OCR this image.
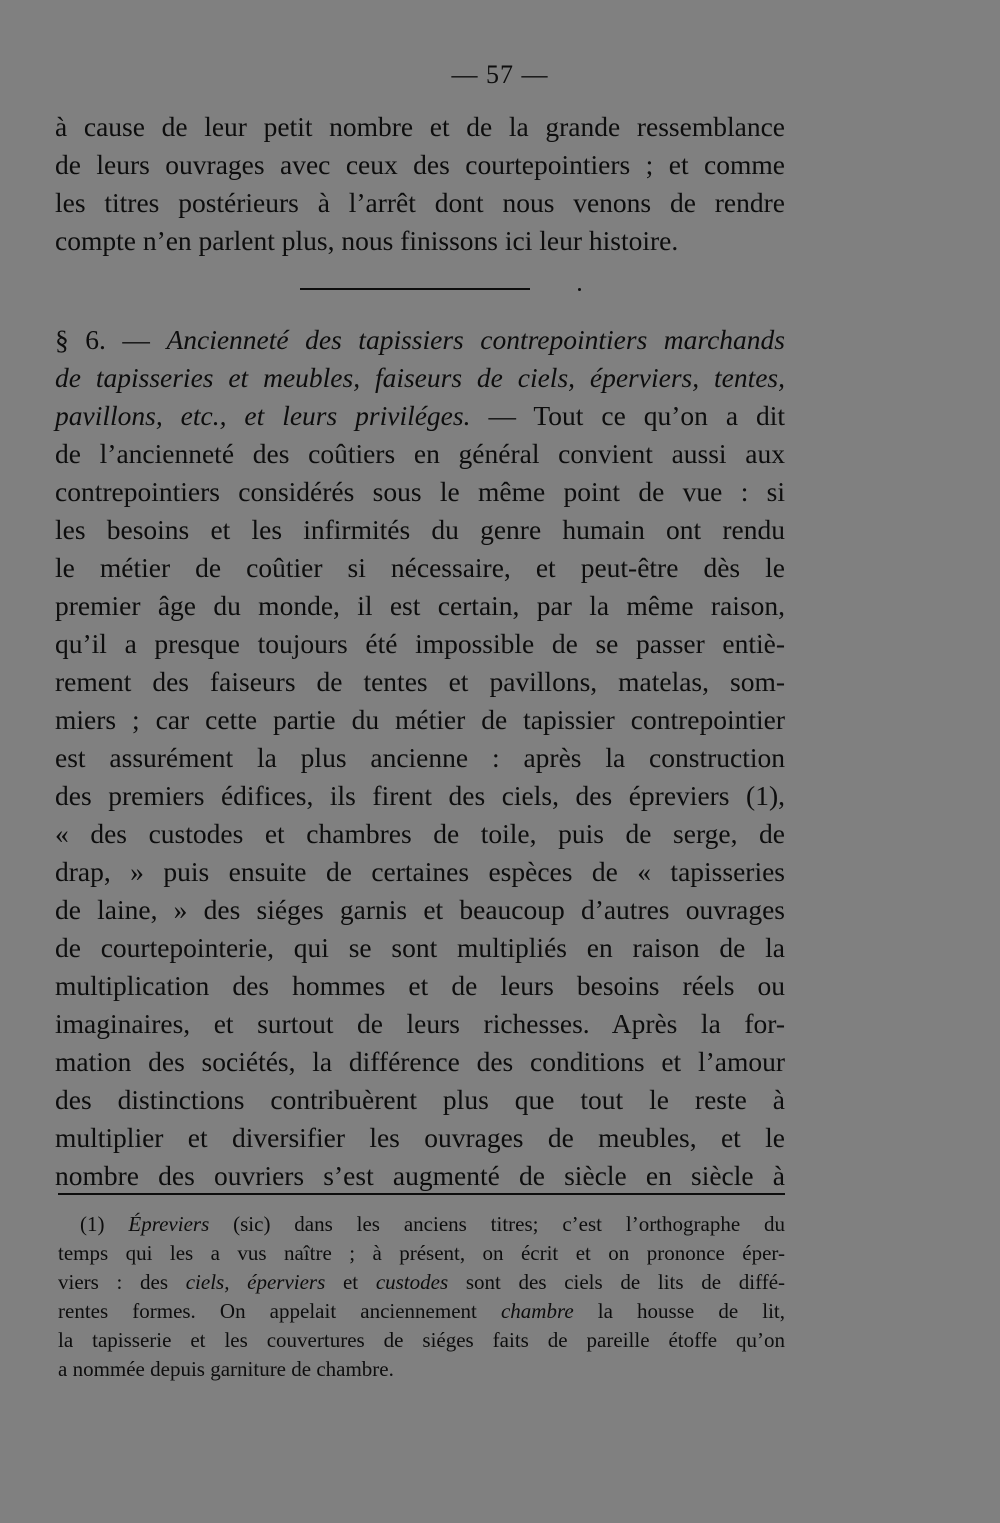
— 57 —
à cause de leur petit nombre et de la grande ressemblance
de leurs ouvrages avec ceux des courtepointiers ; et comme
les titres postérieurs à l’arrêt dont nous venons de rendre
compte n’en parlent plus, nous finissons ici leur histoire.
§ 6. — Ancienneté des tapissiers contrepointiers marchands
de tapisseries et meubles, faiseurs de ciels, éperviers, tentes,
pavillons, etc., et leurs priviléges. — Tout ce qu’on a dit
de l’ancienneté des coûtiers en général convient aussi aux
contrepointiers considérés sous le même point de vue : si
les besoins et les infirmités du genre humain ont rendu
le métier de coûtier si nécessaire, et peut-être dès le
premier âge du monde, il est certain, par la même raison,
qu’il a presque toujours été impossible de se passer entiè-
rement des faiseurs de tentes et pavillons, matelas, som-
miers ; car cette partie du métier de tapissier contrepointier
est assurément la plus ancienne : après la construction
des premiers édifices, ils firent des ciels, des épreviers (1),
« des custodes et chambres de toile, puis de serge, de
drap, » puis ensuite de certaines espèces de « tapisseries
de laine, » des siéges garnis et beaucoup d’autres ouvrages
de courtepointerie, qui se sont multipliés en raison de la
multiplication des hommes et de leurs besoins réels ou
imaginaires, et surtout de leurs richesses. Après la for-
mation des sociétés, la différence des conditions et l’amour
des distinctions contribuèrent plus que tout le reste à
multiplier et diversifier les ouvrages de meubles, et le
nombre des ouvriers s’est augmenté de siècle en siècle à
(1) Épreviers (sic) dans les anciens titres; c’est l’orthographe du
temps qui les a vus naître ; à présent, on écrit et on prononce éper-
viers : des ciels, éperviers et custodes sont des ciels de lits de diffé-
rentes formes. On appelait anciennement chambre la housse de lit,
la tapisserie et les couvertures de siéges faits de pareille étoffe qu’on
a nommée depuis garniture de chambre.
